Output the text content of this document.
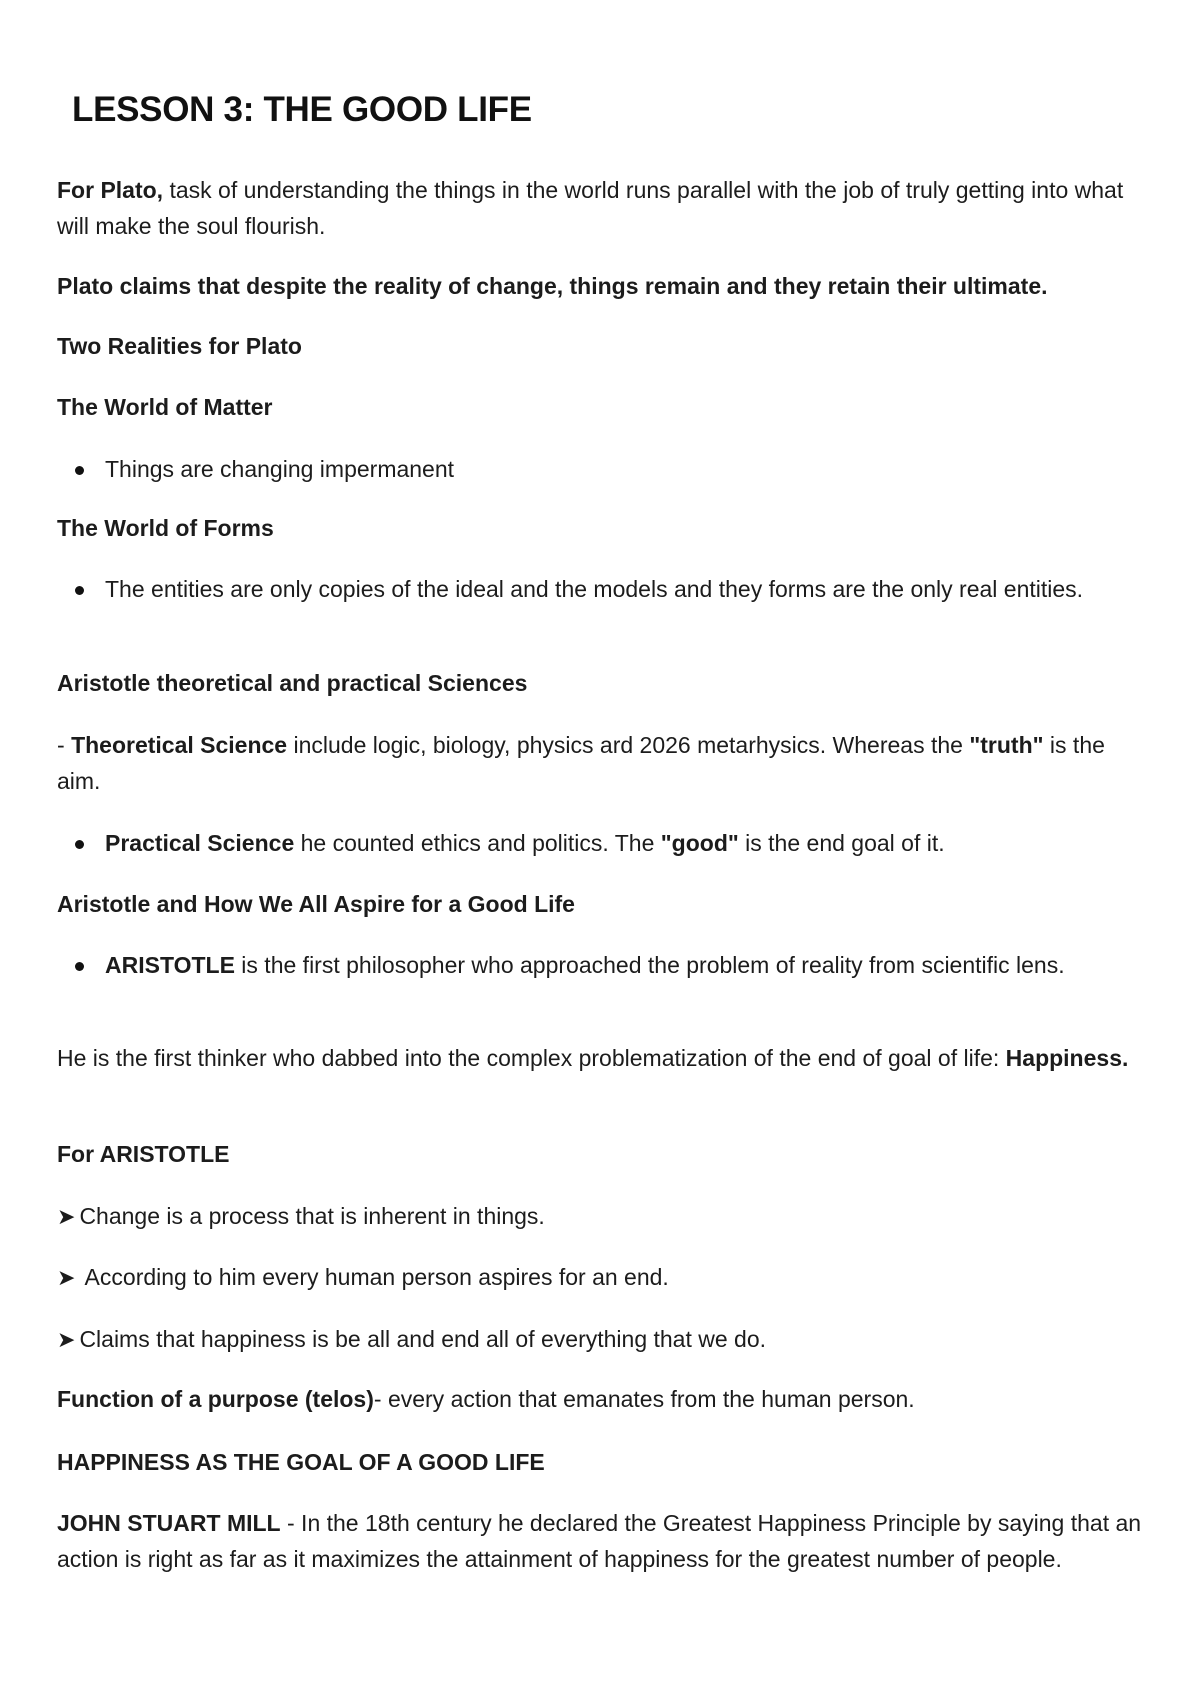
LESSON 3: THE GOOD LIFE

For Plato, task of understanding the things in the world runs parallel with the job of truly getting into what will make the soul flourish.

Plato claims that despite the reality of change, things remain and they retain their ultimate.

Two Realities for Plato

The World of Matter

Things are changing impermanent

The World of Forms

The entities are only copies of the ideal and the models and they forms are the only real entities.

Aristotle theoretical and practical Sciences

- Theoretical Science include logic, biology, physics ard 2026 metarhysics. Whereas the "truth" is the aim.

Practical Science he counted ethics and politics. The "good" is the end goal of it.

Aristotle and How We All Aspire for a Good Life

ARISTOTLE is the first philosopher who approached the problem of reality from scientific lens.

He is the first thinker who dabbed into the complex problematization of the end of goal of life: Happiness.

For ARISTOTLE

➤ Change is a process that is inherent in things.

➤ According to him every human person aspires for an end.

➤ Claims that happiness is be all and end all of everything that we do.

Function of a purpose (telos)- every action that emanates from the human person.

HAPPINESS AS THE GOAL OF A GOOD LIFE

JOHN STUART MILL - In the 18th century he declared the Greatest Happiness Principle by saying that an action is right as far as it maximizes the attainment of happiness for the greatest number of people.
